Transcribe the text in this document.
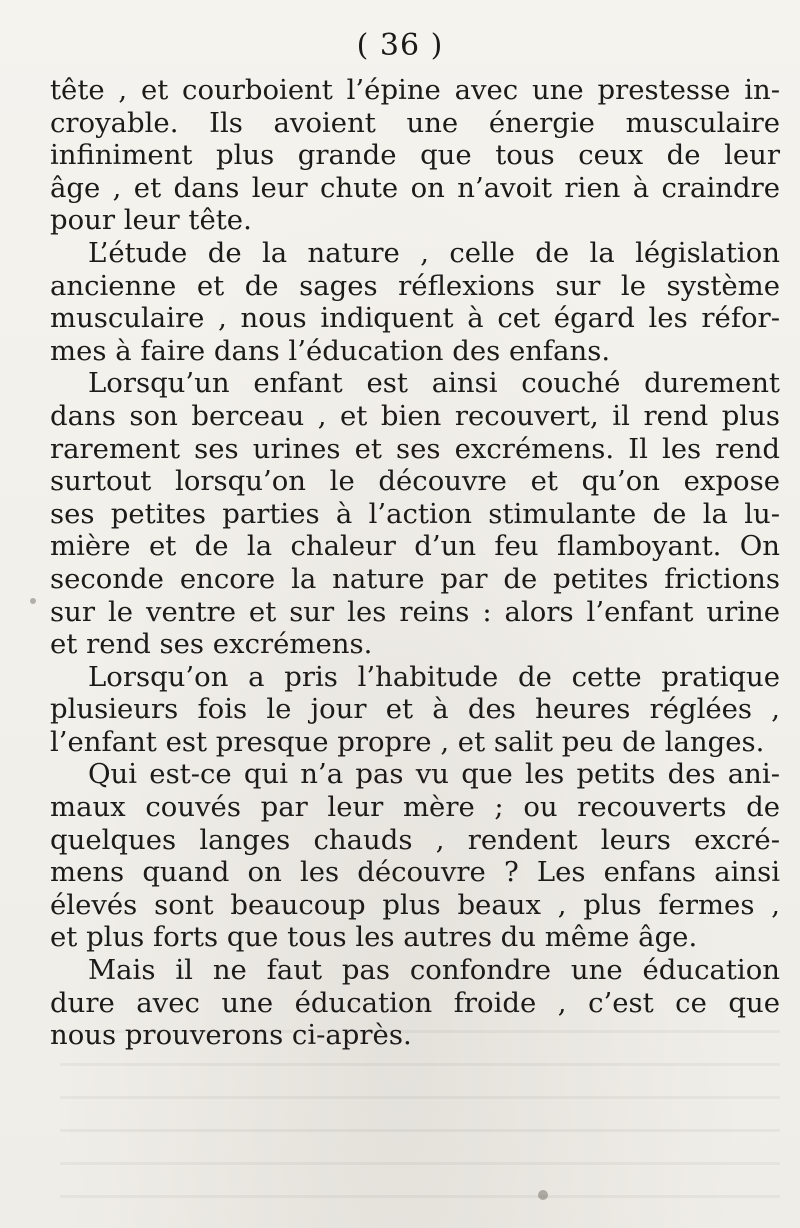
( 36 )
tête , et courboient l’épine avec une prestesse in-
croyable. Ils avoient une énergie musculaire
infiniment plus grande que tous ceux de leur
âge , et dans leur chute on n’avoit rien à craindre
pour leur tête.
L’étude de la nature , celle de la législation
ancienne et de sages réflexions sur le système
musculaire , nous indiquent à cet égard les réfor-
mes à faire dans l’éducation des enfans.
Lorsqu’un enfant est ainsi couché durement
dans son berceau , et bien recouvert, il rend plus
rarement ses urines et ses excrémens. Il les rend
surtout lorsqu’on le découvre et qu’on expose
ses petites parties à l’action stimulante de la lu-
mière et de la chaleur d’un feu flamboyant. On
seconde encore la nature par de petites frictions
sur le ventre et sur les reins : alors l’enfant urine
et rend ses excrémens.
Lorsqu’on a pris l’habitude de cette pratique
plusieurs fois le jour et à des heures réglées ,
l’enfant est presque propre , et salit peu de langes.
Qui est-ce qui n’a pas vu que les petits des ani-
maux couvés par leur mère ; ou recouverts de
quelques langes chauds , rendent leurs excré-
mens quand on les découvre ? Les enfans ainsi
élevés sont beaucoup plus beaux , plus fermes ,
et plus forts que tous les autres du même âge.
Mais il ne faut pas confondre une éducation
dure avec une éducation froide , c’est ce que
nous prouverons ci-après.
